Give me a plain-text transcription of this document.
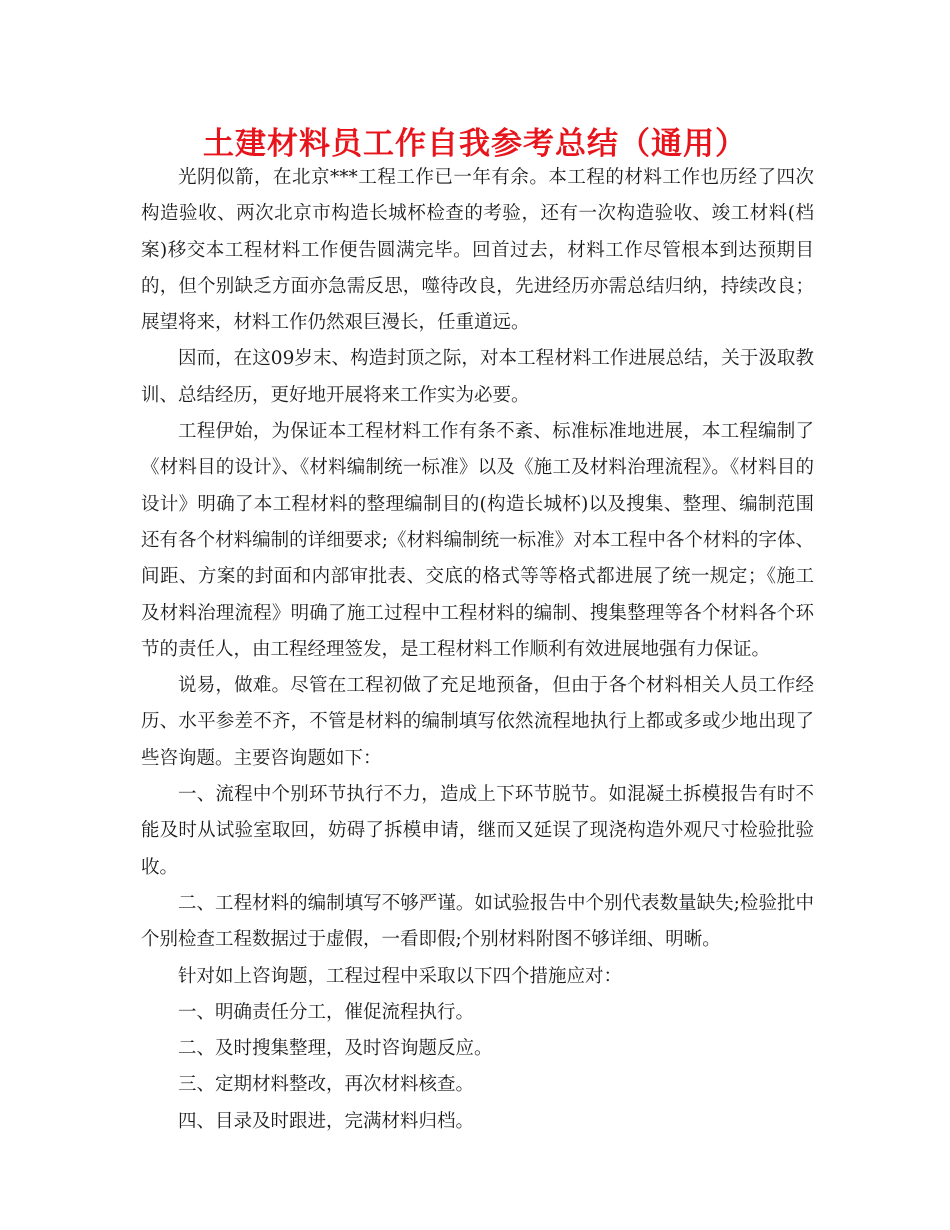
土建材料员工作自我参考总结（通用）

光阴似箭，在北京***工程工作已一年有余。本工程的材料工作也历经了四次构造验收、两次北京市构造长城杯检查的考验，还有一次构造验收、竣工材料(档案)移交本工程材料工作便告圆满完毕。回首过去，材料工作尽管根本到达预期目的，但个别缺乏方面亦急需反思，噬待改良，先进经历亦需总结归纳，持续改良；展望将来，材料工作仍然艰巨漫长，任重道远。

因而，在这09岁末、构造封顶之际，对本工程材料工作进展总结，关于汲取教训、总结经历，更好地开展将来工作实为必要。

工程伊始，为保证本工程材料工作有条不紊、标准标准地进展，本工程编制了《材料目的设计》、《材料编制统一标准》以及《施工及材料治理流程》。《材料目的设计》明确了本工程材料的整理编制目的(构造长城杯)以及搜集、整理、编制范围还有各个材料编制的详细要求;《材料编制统一标准》对本工程中各个材料的字体、间距、方案的封面和内部审批表、交底的格式等等格式都进展了统一规定；《施工及材料治理流程》明确了施工过程中工程材料的编制、搜集整理等各个材料各个环节的责任人，由工程经理签发，是工程材料工作顺利有效进展地强有力保证。

说易，做难。尽管在工程初做了充足地预备，但由于各个材料相关人员工作经历、水平参差不齐，不管是材料的编制填写依然流程地执行上都或多或少地出现了些咨询题。主要咨询题如下：

一、流程中个别环节执行不力，造成上下环节脱节。如混凝土拆模报告有时不能及时从试验室取回，妨碍了拆模申请，继而又延误了现浇构造外观尺寸检验批验收。

二、工程材料的编制填写不够严谨。如试验报告中个别代表数量缺失;检验批中个别检查工程数据过于虚假，一看即假;个别材料附图不够详细、明晰。

针对如上咨询题，工程过程中采取以下四个措施应对：

一、明确责任分工，催促流程执行。

二、及时搜集整理，及时咨询题反应。

三、定期材料整改，再次材料核查。

四、目录及时跟进，完满材料归档。
